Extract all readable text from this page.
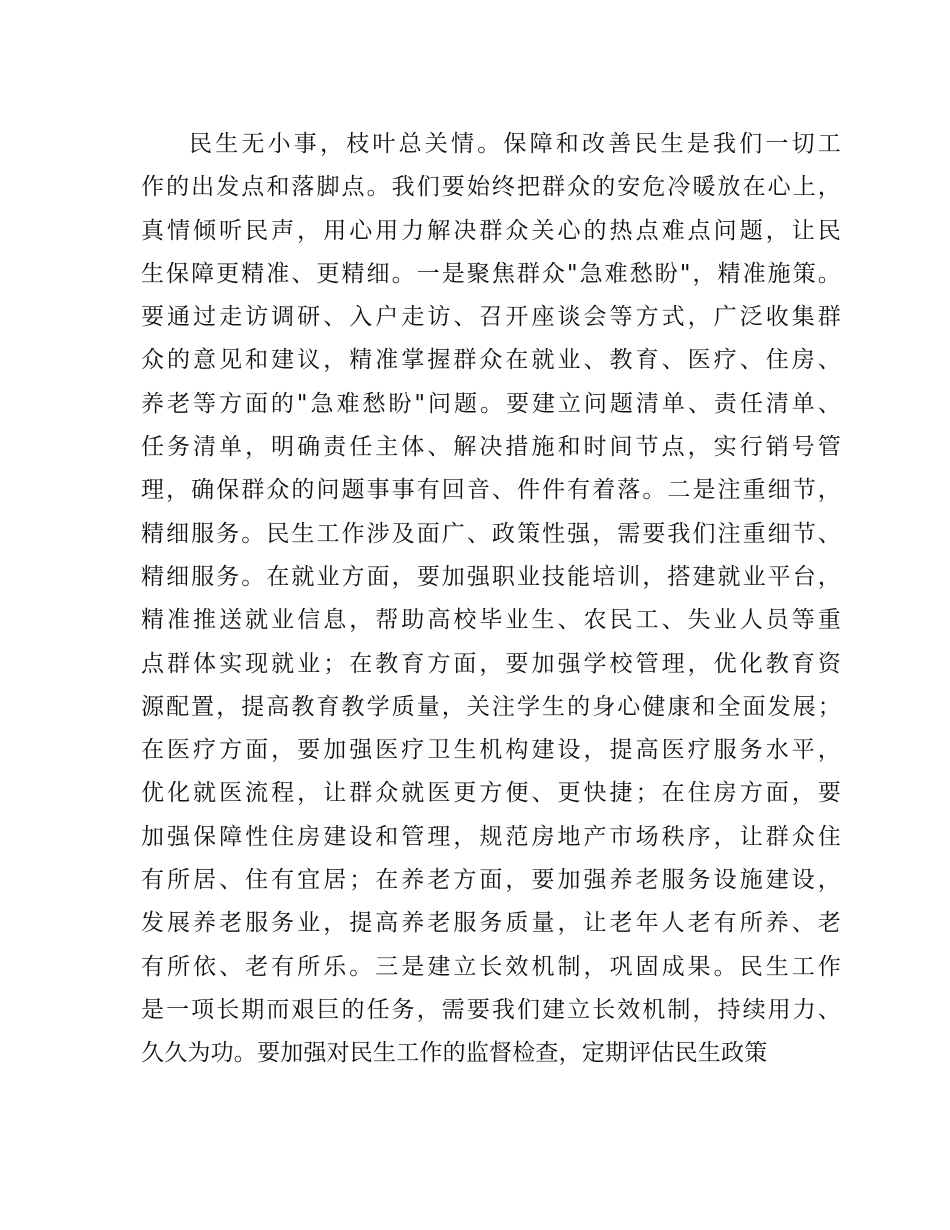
民生无小事，枝叶总关情。保障和改善民生是我们一切工
作的出发点和落脚点。我们要始终把群众的安危冷暖放在心上，
真情倾听民声，用心用力解决群众关心的热点难点问题，让民
生保障更精准、更精细。一是聚焦群众"急难愁盼"，精准施策。
要通过走访调研、入户走访、召开座谈会等方式，广泛收集群
众的意见和建议，精准掌握群众在就业、教育、医疗、住房、
养老等方面的"急难愁盼"问题。要建立问题清单、责任清单、
任务清单，明确责任主体、解决措施和时间节点，实行销号管
理，确保群众的问题事事有回音、件件有着落。二是注重细节，
精细服务。民生工作涉及面广、政策性强，需要我们注重细节、
精细服务。在就业方面，要加强职业技能培训，搭建就业平台，
精准推送就业信息，帮助高校毕业生、农民工、失业人员等重
点群体实现就业；在教育方面，要加强学校管理，优化教育资
源配置，提高教育教学质量，关注学生的身心健康和全面发展；
在医疗方面，要加强医疗卫生机构建设，提高医疗服务水平，
优化就医流程，让群众就医更方便、更快捷；在住房方面，要
加强保障性住房建设和管理，规范房地产市场秩序，让群众住
有所居、住有宜居；在养老方面，要加强养老服务设施建设，
发展养老服务业，提高养老服务质量，让老年人老有所养、老
有所依、老有所乐。三是建立长效机制，巩固成果。民生工作
是一项长期而艰巨的任务，需要我们建立长效机制，持续用力、
久久为功。要加强对民生工作的监督检查，定期评估民生政策
